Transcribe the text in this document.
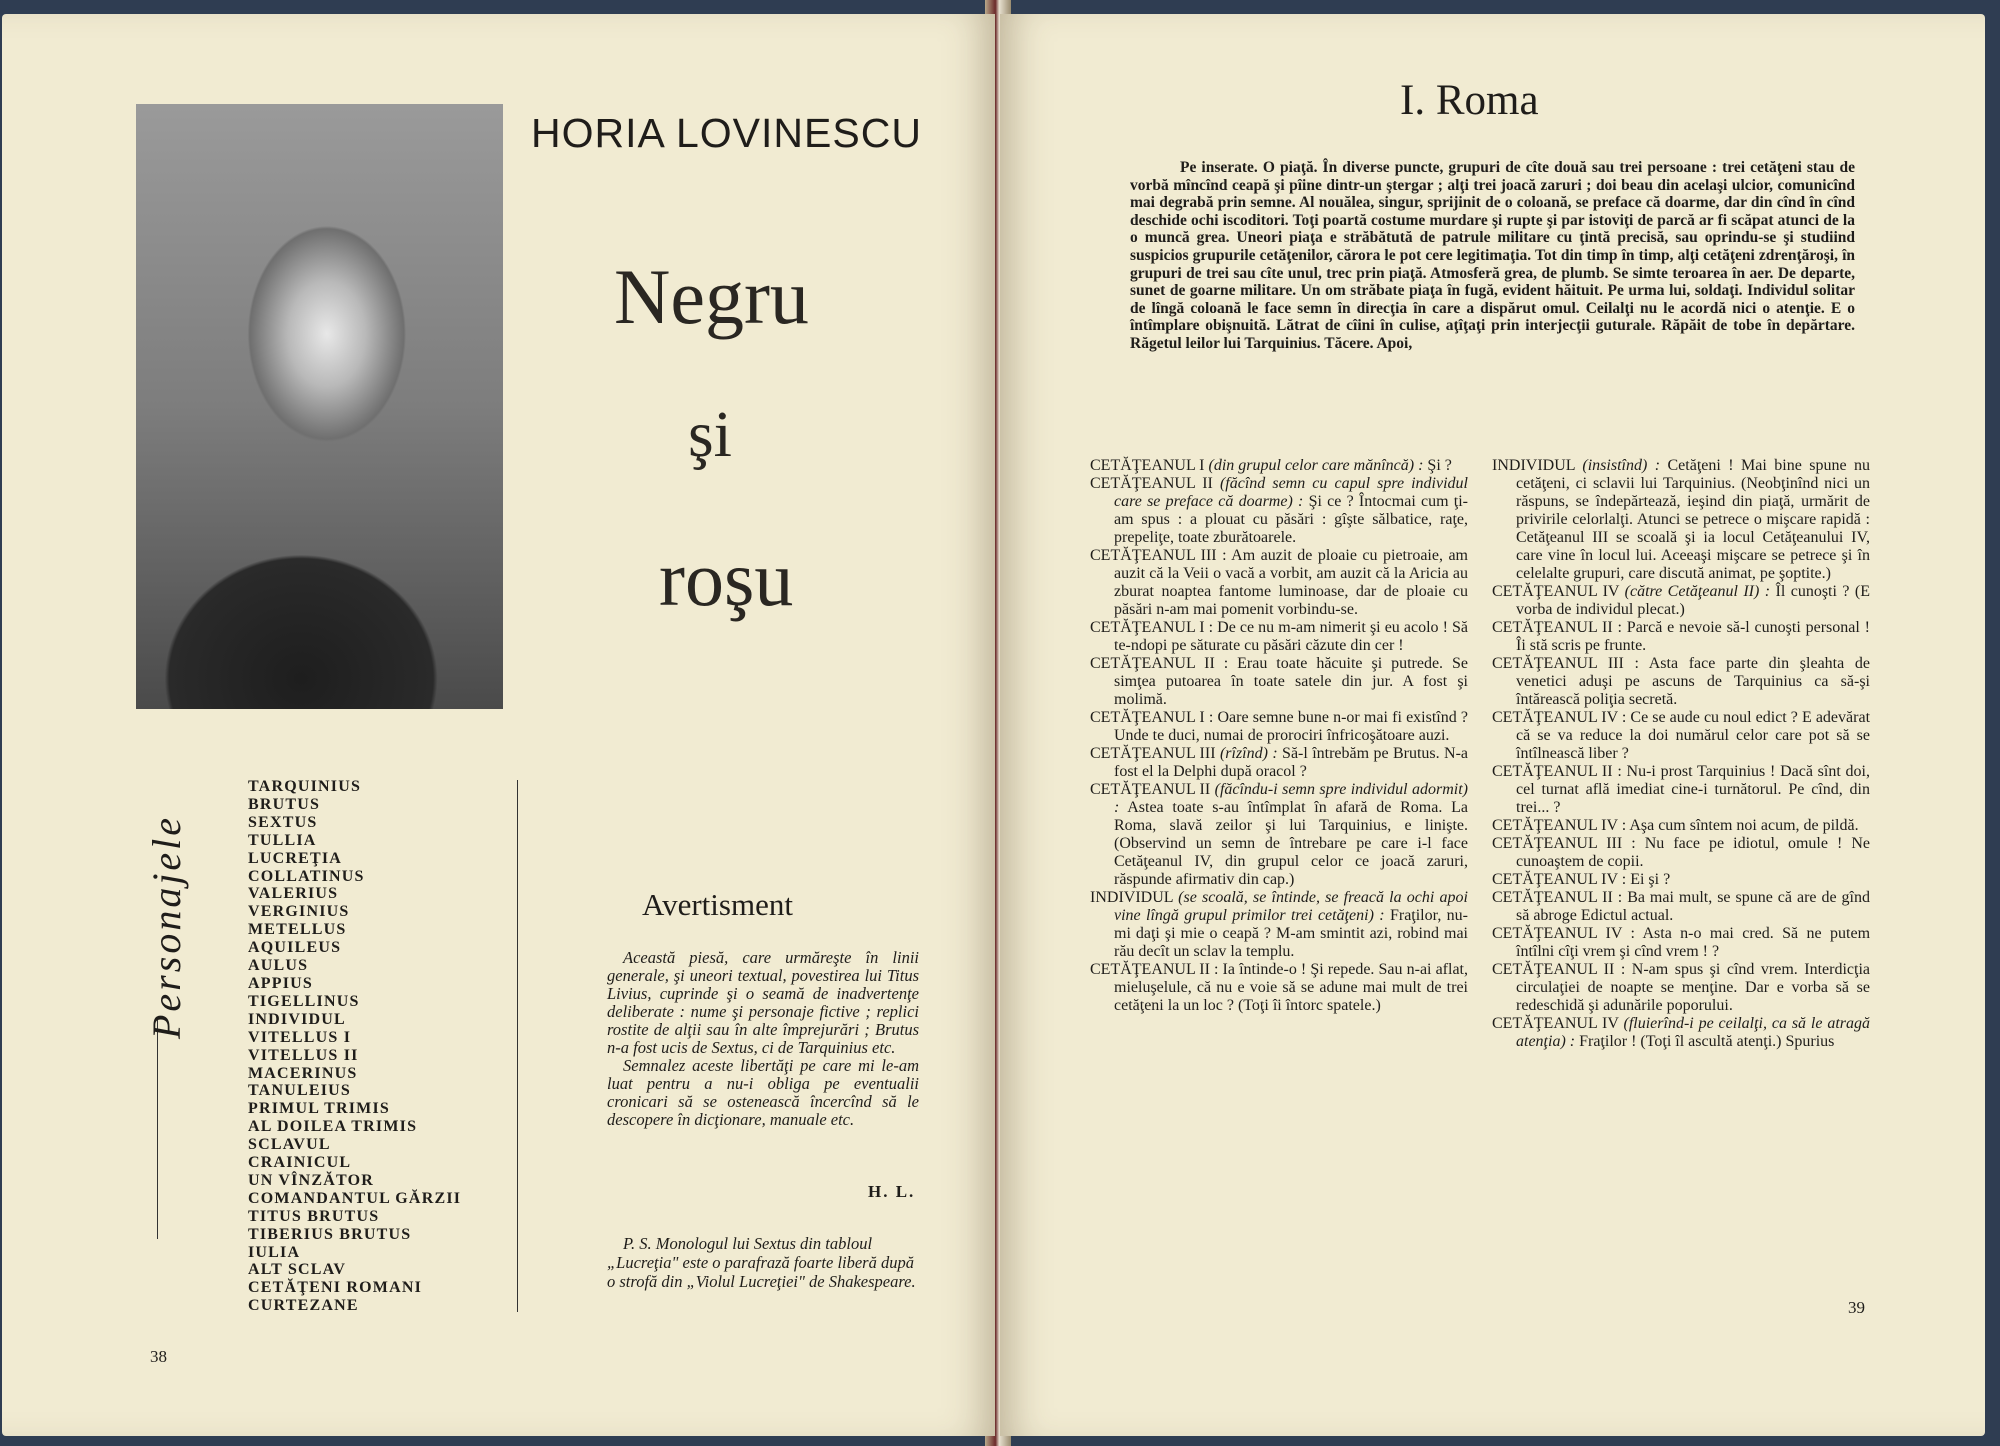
HORIA LOVINESCU
Negru
şi
roşu
Personajele
TARQUINIUS
BRUTUS
SEXTUS
TULLIA
LUCREŢIA
COLLATINUS
VALERIUS
VERGINIUS
METELLUS
AQUILEUS
AULUS
APPIUS
TIGELLINUS
INDIVIDUL
VITELLUS I
VITELLUS II
MACERINUS
TANULEIUS
PRIMUL TRIMIS
AL DOILEA TRIMIS
SCLAVUL
CRAINICUL
UN VÎNZĂTOR
COMANDANTUL GĂRZII
TITUS BRUTUS
TIBERIUS BRUTUS
IULIA
ALT SCLAV
CETĂŢENI ROMANI
CURTEZANE
Avertisment

Această piesă, care urmăreşte în linii generale, şi uneori textual, povestirea lui Titus Livius, cuprinde şi o seamă de inadvertenţe deliberate : nume şi personaje fictive ; replici rostite de alţii sau în alte împrejurări ; Brutus n-a fost ucis de Sextus, ci de Tarquinius etc.

Semnalez aceste libertăţi pe care mi le-am luat pentru a nu-i obliga pe eventualii cronicari să se ostenească încercînd să le descopere în dicţionare, manuale etc.

H. L.
P. S. Monologul lui Sextus din tabloul „Lucreţia" este o parafrază foarte liberă după o strofă din „Violul Lucreţiei" de Shakespeare.
38
I. Roma

Pe inserate. O piaţă. În diverse puncte, grupuri de cîte două sau trei persoane : trei cetăţeni stau de vorbă mîncînd ceapă şi pîine dintr-un ştergar ; alţi trei joacă zaruri ; doi beau din acelaşi ulcior, comunicînd mai degrabă prin semne. Al nouălea, singur, sprijinit de o coloană, se preface că doarme, dar din cînd în cînd deschide ochi iscoditori. Toţi poartă costume murdare şi rupte şi par istoviţi de parcă ar fi scăpat atunci de la o muncă grea. Uneori piaţa e străbătută de patrule militare cu ţintă precisă, sau oprindu-se şi studiind suspicios grupurile cetăţenilor, cărora le pot cere legitimaţia. Tot din timp în timp, alţi cetăţeni zdrenţăroşi, în grupuri de trei sau cîte unul, trec prin piaţă. Atmosferă grea, de plumb. Se simte teroarea în aer. De departe, sunet de goarne militare. Un om străbate piaţa în fugă, evident hăituit. Pe urma lui, soldaţi. Individul solitar de lîngă coloană le face semn în direcţia în care a dispărut omul. Ceilalţi nu le acordă nici o atenţie. E o întîmplare obişnuită. Lătrat de cîini în culise, aţîţaţi prin interjecţii guturale. Răpăit de tobe în depărtare. Răgetul leilor lui Tarquinius. Tăcere. Apoi,

CETĂŢEANUL I (din grupul celor care mănîncă) : Şi ?

CETĂŢEANUL II (făcînd semn cu capul spre individul care se preface că doarme) : Şi ce ? Întocmai cum ţi-am spus : a plouat cu păsări : gîşte sălbatice, raţe, prepeliţe, toate zburătoarele.

CETĂŢEANUL III : Am auzit de ploaie cu pietroaie, am auzit că la Veii o vacă a vorbit, am auzit că la Aricia au zburat noaptea fantome luminoase, dar de ploaie cu păsări n-am mai pomenit vorbindu-se.

CETĂŢEANUL I : De ce nu m-am nimerit şi eu acolo ! Să te-ndopi pe săturate cu păsări căzute din cer !

CETĂŢEANUL II : Erau toate hăcuite şi putrede. Se simţea putoarea în toate satele din jur. A fost şi molimă.

CETĂŢEANUL I : Oare semne bune n-or mai fi existînd ? Unde te duci, numai de prorociri înfricoşătoare auzi.

CETĂŢEANUL III (rîzînd) : Să-l întrebăm pe Brutus. N-a fost el la Delphi după oracol ?

CETĂŢEANUL II (făcîndu-i semn spre individul adormit) : Astea toate s-au întîmplat în afară de Roma. La Roma, slavă zeilor şi lui Tarquinius, e linişte. (Observind un semn de întrebare pe care i-l face Cetăţeanul IV, din grupul celor ce joacă zaruri, răspunde afirmativ din cap.)

INDIVIDUL (se scoală, se întinde, se freacă la ochi apoi vine lîngă grupul primilor trei cetăţeni) : Fraţilor, nu-mi daţi şi mie o ceapă ? M-am smintit azi, robind mai rău decît un sclav la templu.

CETĂŢEANUL II : Ia întinde-o ! Şi repede. Sau n-ai aflat, mieluşelule, că nu e voie să se adune mai mult de trei cetăţeni la un loc ? (Toţi îi întorc spatele.)

INDIVIDUL (insistînd) : Cetăţeni ! Mai bine spune nu cetăţeni, ci sclavii lui Tarquinius. (Neobţinînd nici un răspuns, se îndepărtează, ieşind din piaţă, urmărit de privirile celorlalţi. Atunci se petrece o mişcare rapidă : Cetăţeanul III se scoală şi ia locul Cetăţeanului IV, care vine în locul lui. Aceeaşi mişcare se petrece şi în celelalte grupuri, care discută animat, pe şoptite.)

CETĂŢEANUL IV (către Cetăţeanul II) : Îl cunoşti ? (E vorba de individul plecat.)

CETĂŢEANUL II : Parcă e nevoie să-l cunoşti personal ! Îi stă scris pe frunte.

CETĂŢEANUL III : Asta face parte din şleahta de venetici aduşi pe ascuns de Tarquinius ca să-şi întărească poliţia secretă.

CETĂŢEANUL IV : Ce se aude cu noul edict ? E adevărat că se va reduce la doi numărul celor care pot să se întîlnească liber ?

CETĂŢEANUL II : Nu-i prost Tarquinius ! Dacă sînt doi, cel turnat află imediat cine-i turnătorul. Pe cînd, din trei... ?

CETĂŢEANUL IV : Aşa cum sîntem noi acum, de pildă.

CETĂŢEANUL III : Nu face pe idiotul, omule ! Ne cunoaştem de copii.

CETĂŢEANUL IV : Ei şi ?

CETĂŢEANUL II : Ba mai mult, se spune că are de gînd să abroge Edictul actual.

CETĂŢEANUL IV : Asta n-o mai cred. Să ne putem întîlni cîţi vrem şi cînd vrem ! ?

CETĂŢEANUL II : N-am spus şi cînd vrem. Interdicţia circulaţiei de noapte se menţine. Dar e vorba să se redeschidă şi adunările poporului.

CETĂŢEANUL IV (fluierînd-i pe ceilalţi, ca să le atragă atenţia) : Fraţilor ! (Toţi îl ascultă atenţi.) Spurius

39
